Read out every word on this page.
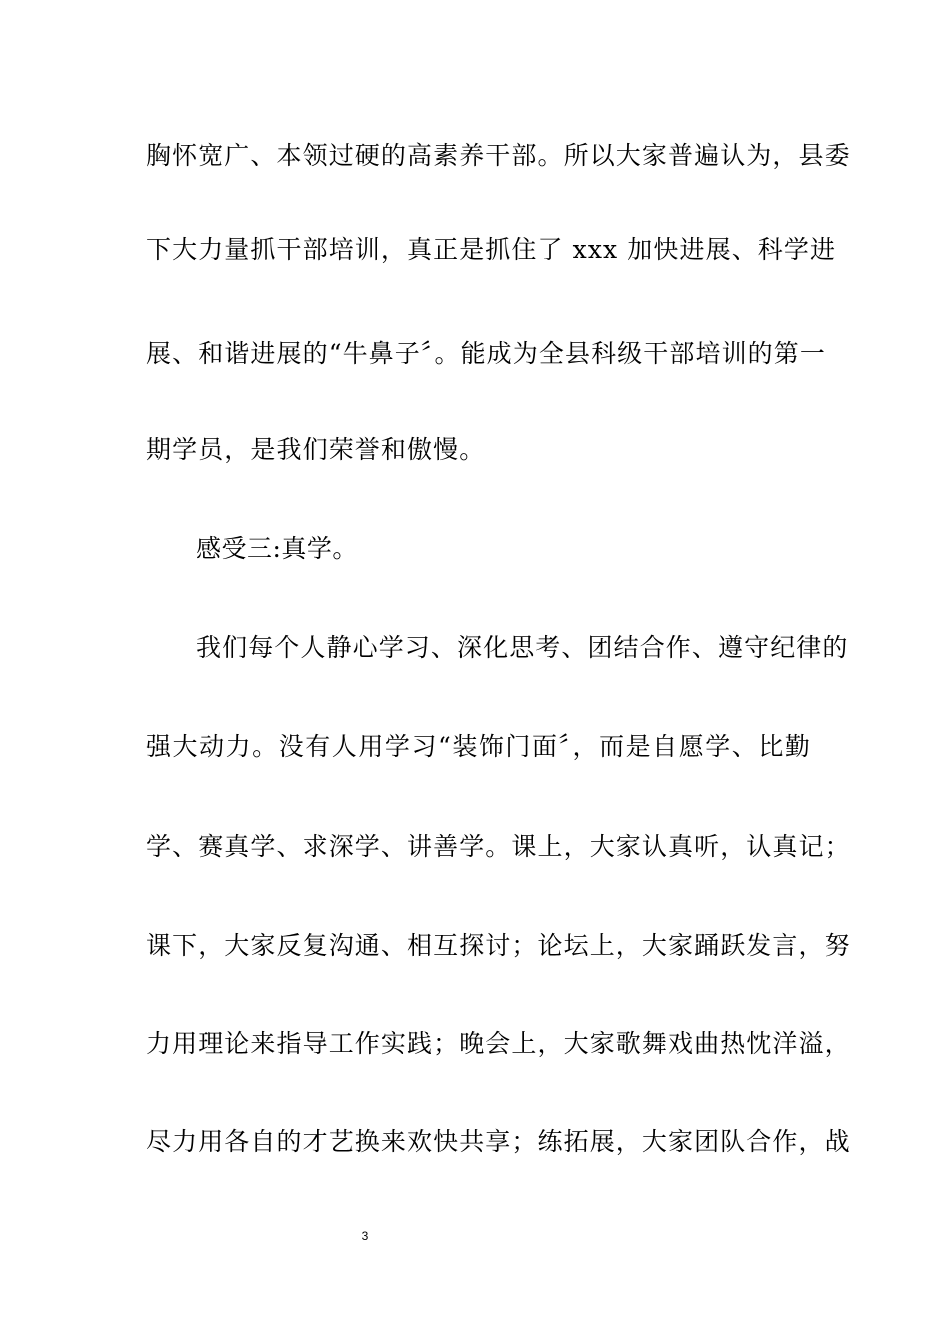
胸怀宽广、本领过硬的高素养干部。所以大家普遍认为，县委
下大力量抓干部培训，真正是抓住了 xxx 加快进展、科学进
展、和谐进展的“牛鼻子〞。能成为全县科级干部培训的第一
期学员，是我们荣誉和傲慢。
感受三:真学。
我们每个人静心学习、深化思考、团结合作、遵守纪律的
强大动力。没有人用学习“装饰门面〞，而是自愿学、比勤
学、赛真学、求深学、讲善学。课上，大家认真听，认真记；
课下，大家反复沟通、相互探讨；论坛上，大家踊跃发言，努
力用理论来指导工作实践；晚会上，大家歌舞戏曲热忱洋溢，
尽力用各自的才艺换来欢快共享；练拓展，大家团队合作，战
3
